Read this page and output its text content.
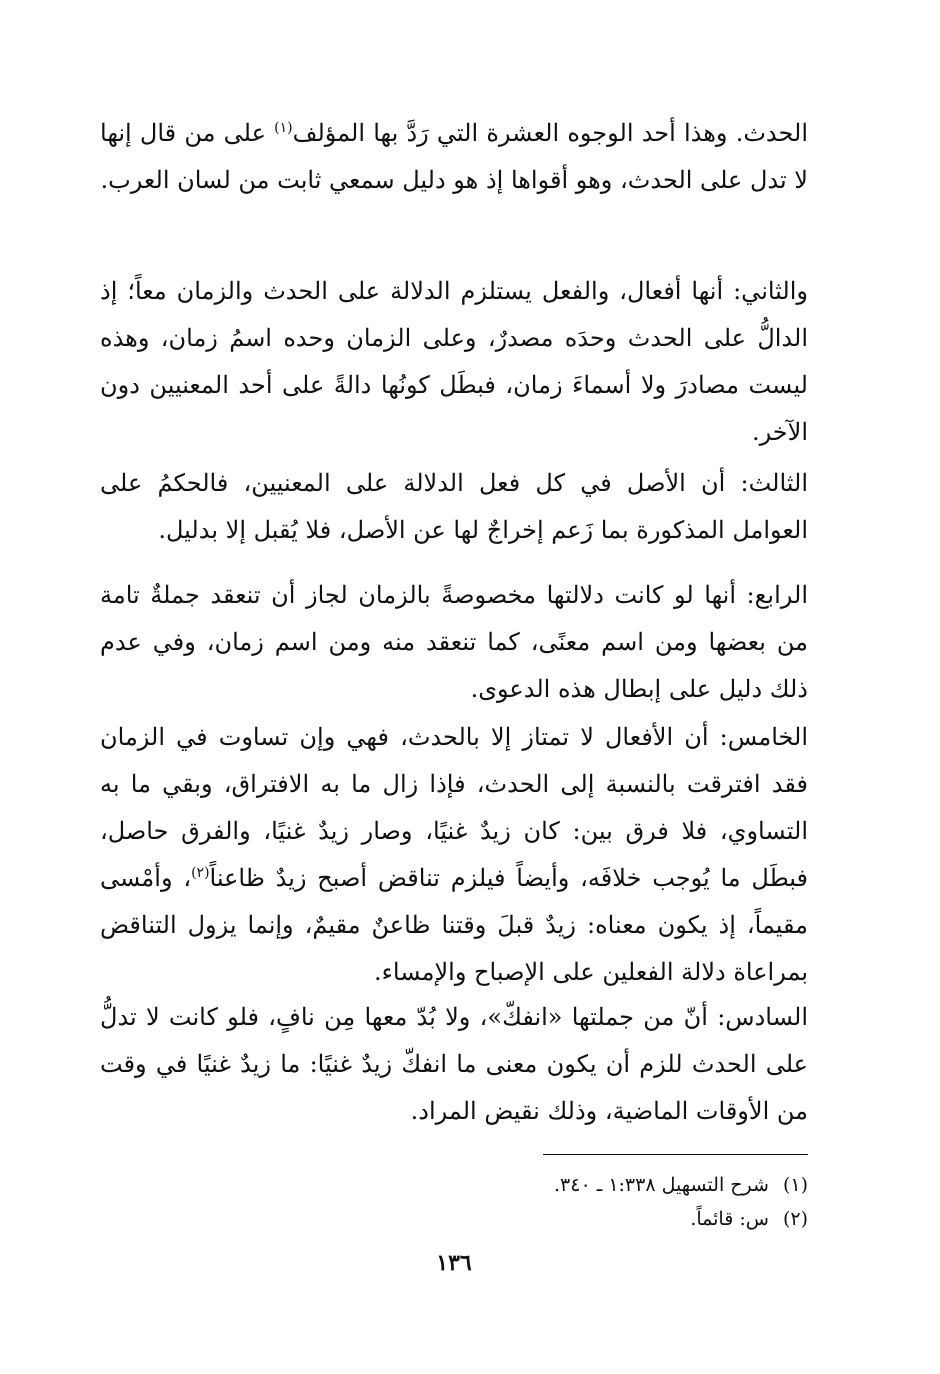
الحدث. وهذا أحد الوجوه العشرة التي رَدَّ بها المؤلف$^{(١)}$ على من قال إنها لا تدل على الحدث، وهو أقواها إذ هو دليل سمعي ثابت من لسان العرب.

والثاني: أنها أفعال، والفعل يستلزم الدلالة على الحدث والزمان معاً؛ إذ الدالُّ على الحدث وحدَه مصدرٌ، وعلى الزمان وحده اسمُ زمان، وهذه ليست مصادرَ ولا أسماءَ زمان، فبطَل كونُها دالةً على أحد المعنيين دون الآخر.

الثالث: أن الأصل في كل فعل الدلالة على المعنيين، فالحكمُ على العوامل المذكورة بما زَعم إخراجٌ لها عن الأصل، فلا يُقبل إلا بدليل.

الرابع: أنها لو كانت دلالتها مخصوصةً بالزمان لجاز أن تنعقد جملةٌ تامة من بعضها ومن اسم معنًى، كما تنعقد منه ومن اسم زمان، وفي عدم ذلك دليل على إبطال هذه الدعوى.

الخامس: أن الأفعال لا تمتاز إلا بالحدث، فهي وإن تساوت في الزمان فقد افترقت بالنسبة إلى الحدث، فإذا زال ما به الافتراق، وبقي ما به التساوي، فلا فرق بين: كان زيدٌ غنيًا، وصار زيدٌ غنيًا، والفرق حاصل، فبطَل ما يُوجب خلافَه، وأيضاً فيلزم تناقض أصبح زيدٌ ظاعناً$^{(٢)}$، وأمْسى مقيماً، إذ يكون معناه: زيدٌ قبلَ وقتنا ظاعنٌ مقيمٌ، وإنما يزول التناقض بمراعاة دلالة الفعلين على الإصباح والإمساء.

السادس: أنّ من جملتها «انفكّ»، ولا بُدّ معها مِن نافٍ، فلو كانت لا تدلُّ على الحدث للزم أن يكون معنى ما انفكّ زيدٌ غنيًا: ما زيدٌ غنيًا في وقت من الأوقات الماضية، وذلك نقيض المراد.

(١)شرح التسهيل ١:٣٣٨ ـ ٣٤٠.
(٢)س: قائماً.
١٣٦
